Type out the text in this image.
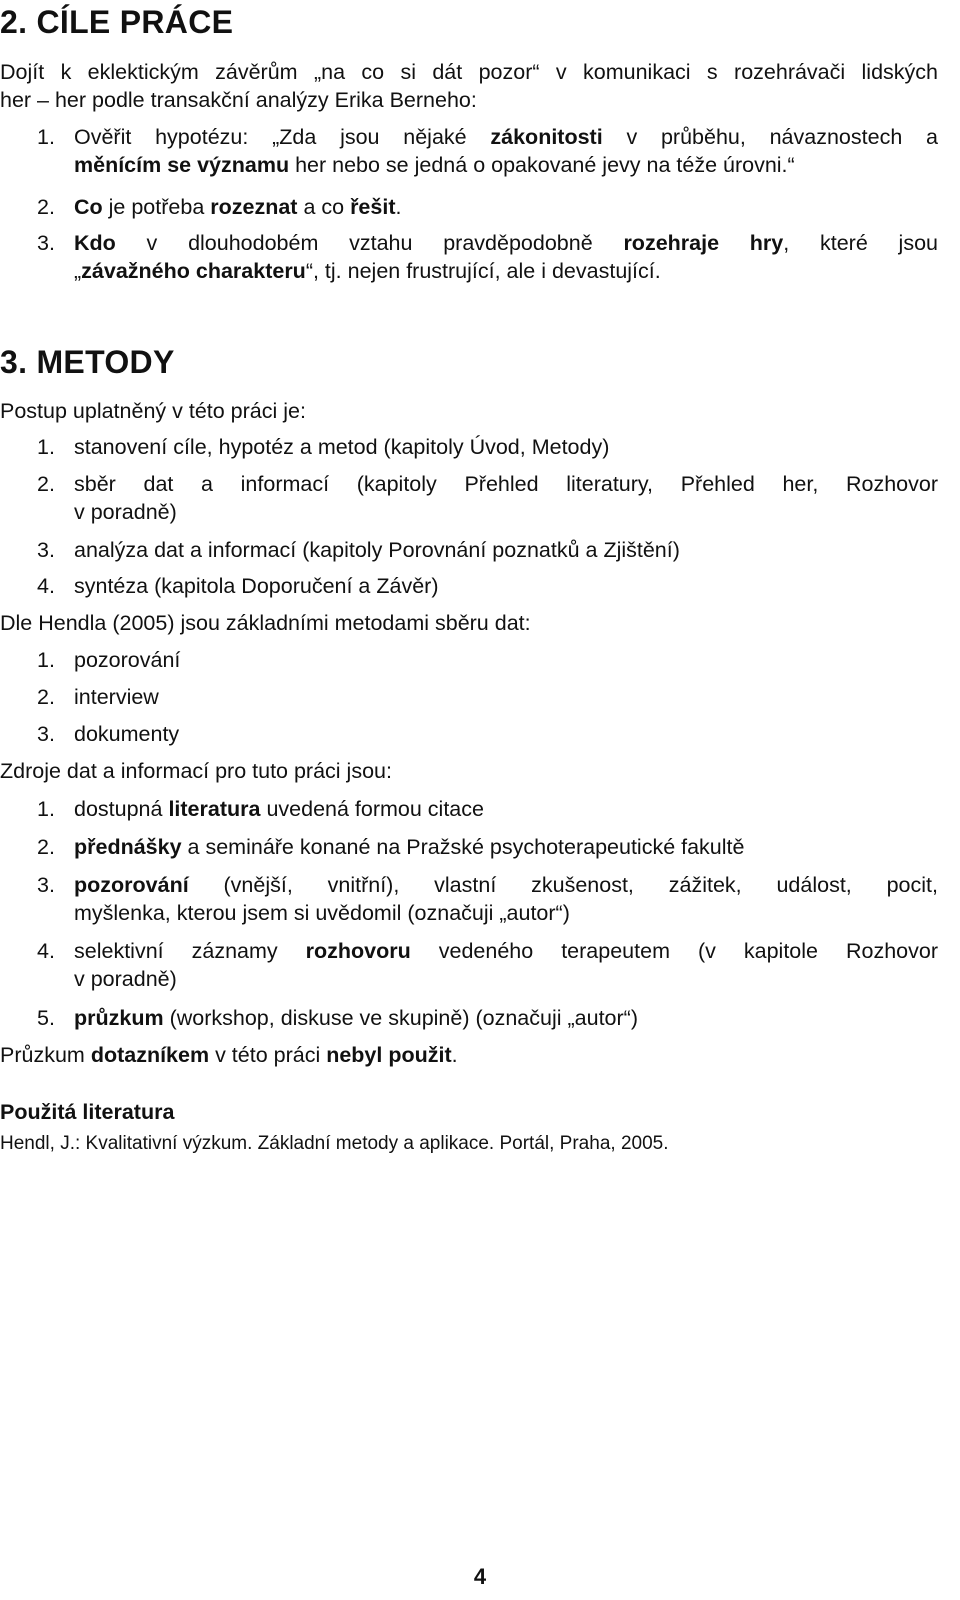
2. CÍLE PRÁCE
Dojít k eklektickým závěrům „na co si dát pozor“ v komunikaci s rozehrávači lidských
her – her podle transakční analýzy Erika Berneho:
1. Ověřit hypotézu: „Zda jsou nějaké zákonitosti v průběhu, návaznostech a
měnícím se významu her nebo se jedná o opakované jevy na téže úrovni.“
2. Co je potřeba rozeznat a co řešit.
3. Kdo v dlouhodobém vztahu pravděpodobně rozehraje hry, které jsou
„závažného charakteru“, tj. nejen frustrující, ale i devastující.
3. METODY
Postup uplatněný v této práci je:
1. stanovení cíle, hypotéz a metod (kapitoly Úvod, Metody)
2. sběr dat a informací (kapitoly Přehled literatury, Přehled her, Rozhovor
v poradně)
3. analýza dat a informací (kapitoly Porovnání poznatků a Zjištění)
4. syntéza (kapitola Doporučení a Závěr)
Dle Hendla (2005) jsou základními metodami sběru dat:
1. pozorování
2. interview
3. dokumenty
Zdroje dat a informací pro tuto práci jsou:
1. dostupná literatura uvedená formou citace
2. přednášky a semináře konané na Pražské psychoterapeutické fakultě
3. pozorování (vnější, vnitřní), vlastní zkušenost, zážitek, událost, pocit,
myšlenka, kterou jsem si uvědomil (označuji „autor“)
4. selektivní záznamy rozhovoru vedeného terapeutem (v kapitole Rozhovor
v poradně)
5. průzkum (workshop, diskuse ve skupině) (označuji „autor“)
Průzkum dotazníkem v této práci nebyl použit.
Použitá literatura
Hendl, J.: Kvalitativní výzkum. Základní metody a aplikace. Portál, Praha, 2005.
4
